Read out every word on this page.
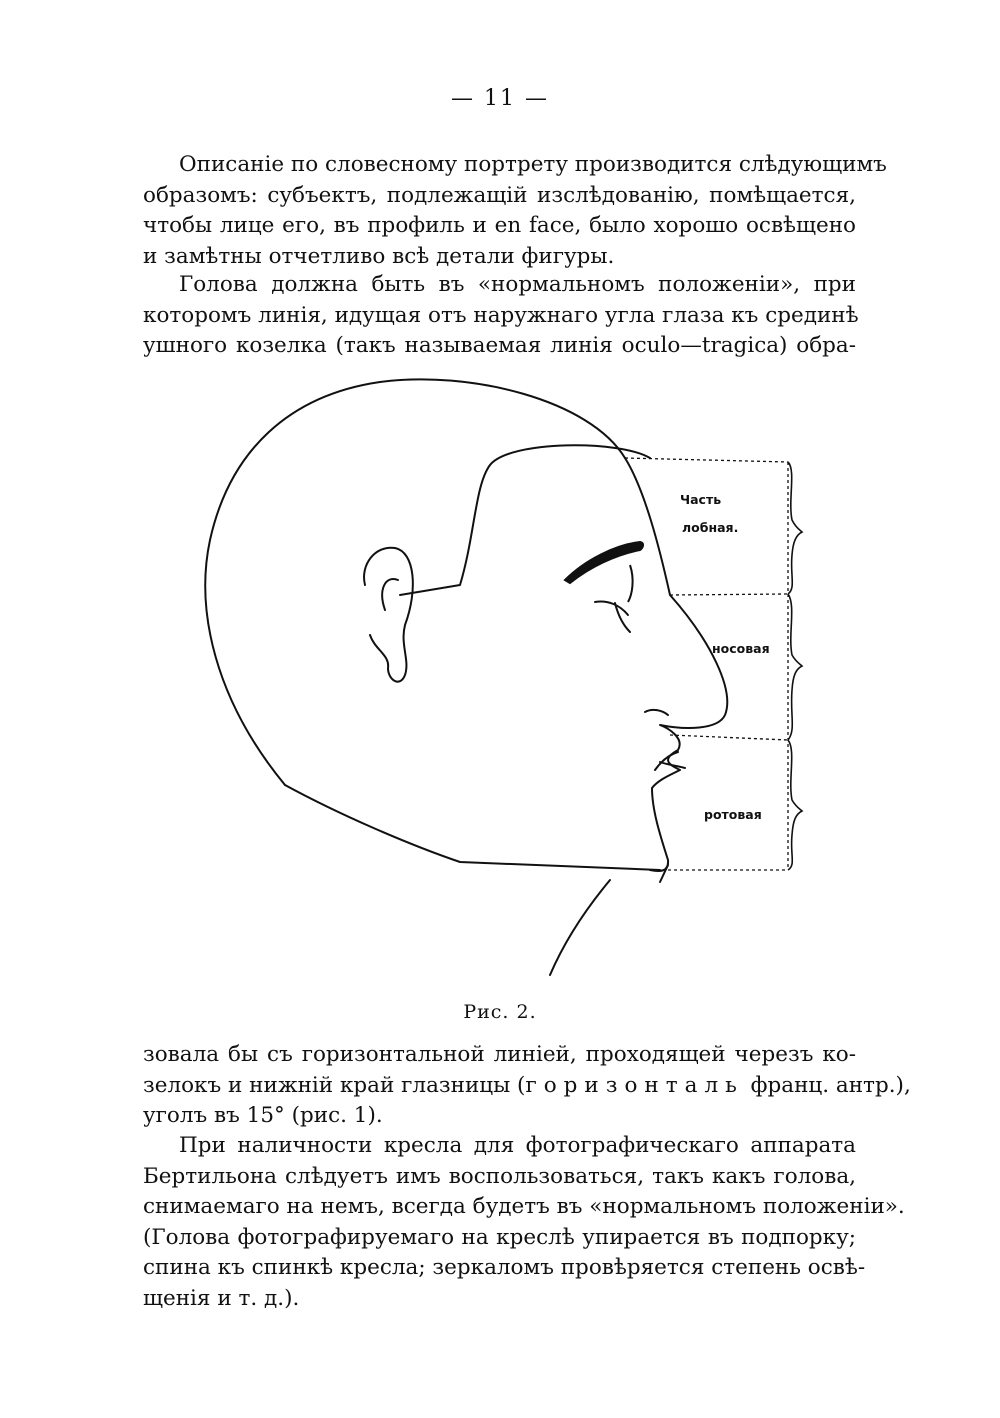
— 11 —

Описаніе по словесному портрету производится слѣдующимъ
образомъ: субъектъ, подлежащій изслѣдованію, помѣщается,
чтобы лице его, въ профиль и en face, было хорошо освѣщено
и замѣтны отчетливо всѣ детали фигуры.

Голова должна быть въ «нормальномъ положеніи», при
которомъ линія, идущая отъ наружнаго угла глаза къ срединѣ
ушного козелка (такъ называемая линія oculo—tragica) обра-

Часть
лобная.
носовая
ротовая
Рис. 2.

зовала бы съ горизонтальной линіей, проходящей черезъ ко-
зелокъ и нижній край глазницы (горизонталь франц. антр.),
уголъ въ 15° (рис. 1).

При наличности кресла для фотографическаго аппарата
Бертильона слѣдуетъ имъ воспользоваться, такъ какъ голова,
снимаемаго на немъ, всегда будетъ въ «нормальномъ положеніи».
(Голова фотографируемаго на креслѣ упирается въ подпорку;
спина къ спинкѣ кресла; зеркаломъ провѣряется степень освѣ-
щенія и т. д.).
